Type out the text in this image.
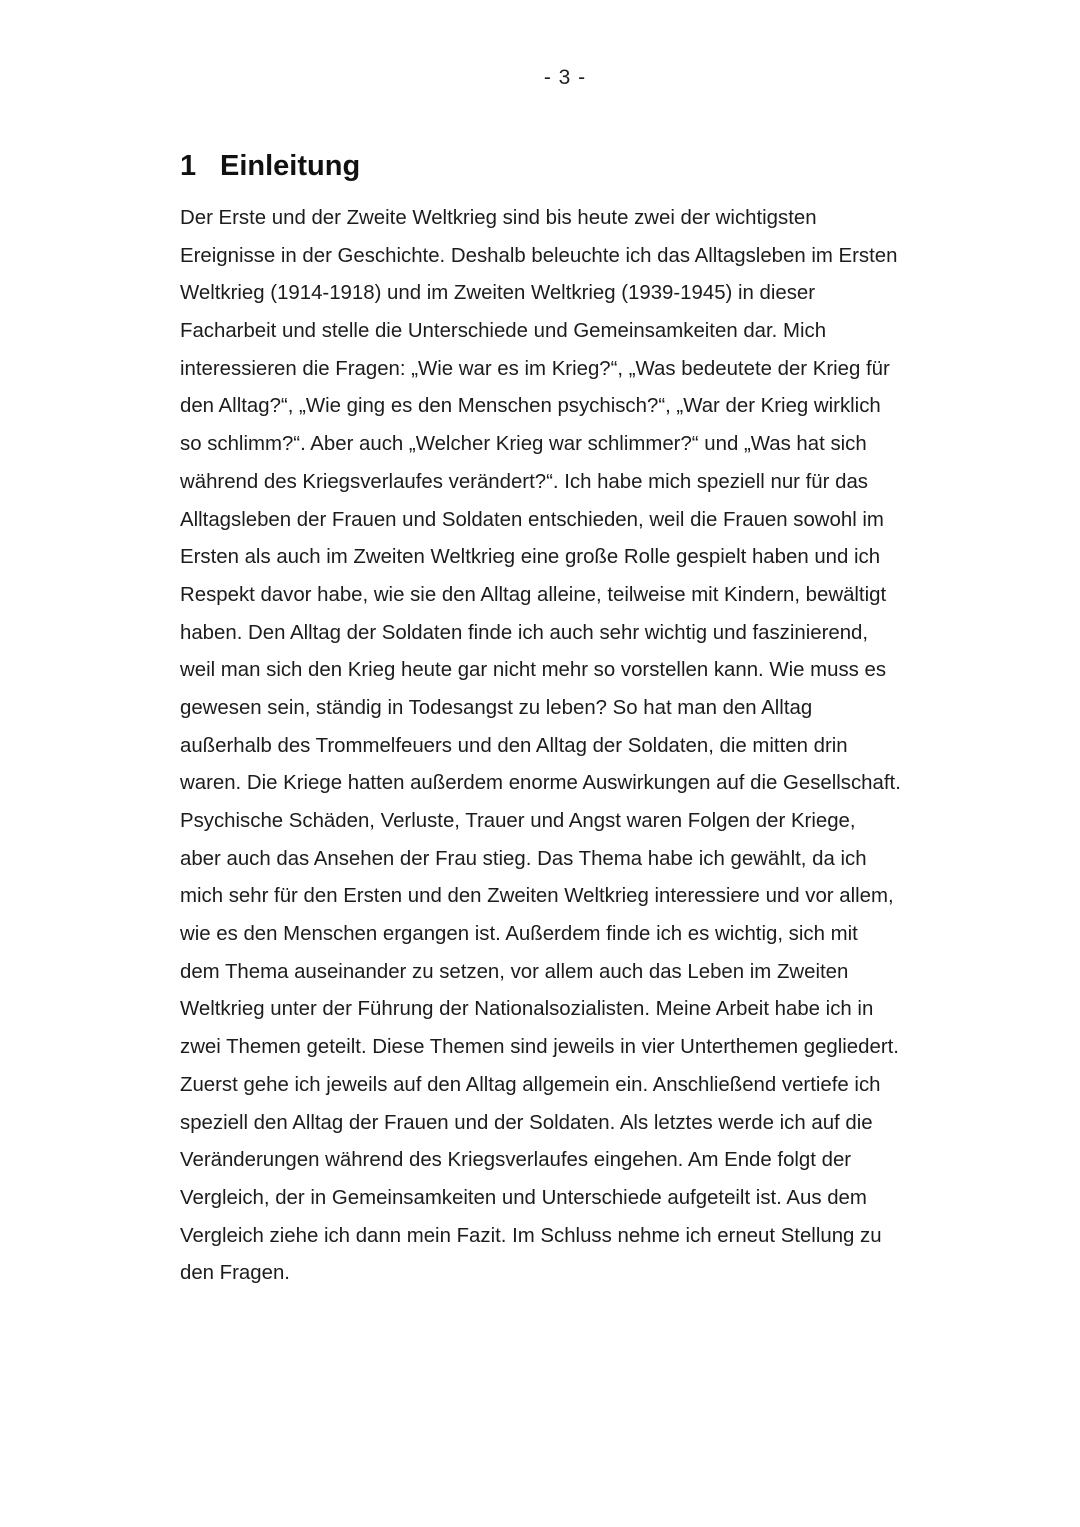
- 3 -
1 Einleitung
Der Erste und der Zweite Weltkrieg sind bis heute zwei der wichtigsten
Ereignisse in der Geschichte. Deshalb beleuchte ich das Alltagsleben im Ersten
Weltkrieg (1914-1918) und im Zweiten Weltkrieg (1939-1945) in dieser
Facharbeit und stelle die Unterschiede und Gemeinsamkeiten dar. Mich
interessieren die Fragen: „Wie war es im Krieg?“, „Was bedeutete der Krieg für
den Alltag?“, „Wie ging es den Menschen psychisch?“, „War der Krieg wirklich
so schlimm?“. Aber auch „Welcher Krieg war schlimmer?“ und „Was hat sich
während des Kriegsverlaufes verändert?“. Ich habe mich speziell nur für das
Alltagsleben der Frauen und Soldaten entschieden, weil die Frauen sowohl im
Ersten als auch im Zweiten Weltkrieg eine große Rolle gespielt haben und ich
Respekt davor habe, wie sie den Alltag alleine, teilweise mit Kindern, bewältigt
haben. Den Alltag der Soldaten finde ich auch sehr wichtig und faszinierend,
weil man sich den Krieg heute gar nicht mehr so vorstellen kann. Wie muss es
gewesen sein, ständig in Todesangst zu leben? So hat man den Alltag
außerhalb des Trommelfeuers und den Alltag der Soldaten, die mitten drin
waren. Die Kriege hatten außerdem enorme Auswirkungen auf die Gesellschaft.
Psychische Schäden, Verluste, Trauer und Angst waren Folgen der Kriege,
aber auch das Ansehen der Frau stieg. Das Thema habe ich gewählt, da ich
mich sehr für den Ersten und den Zweiten Weltkrieg interessiere und vor allem,
wie es den Menschen ergangen ist. Außerdem finde ich es wichtig, sich mit
dem Thema auseinander zu setzen, vor allem auch das Leben im Zweiten
Weltkrieg unter der Führung der Nationalsozialisten. Meine Arbeit habe ich in
zwei Themen geteilt. Diese Themen sind jeweils in vier Unterthemen gegliedert.
Zuerst gehe ich jeweils auf den Alltag allgemein ein. Anschließend vertiefe ich
speziell den Alltag der Frauen und der Soldaten. Als letztes werde ich auf die
Veränderungen während des Kriegsverlaufes eingehen. Am Ende folgt der
Vergleich, der in Gemeinsamkeiten und Unterschiede aufgeteilt ist. Aus dem
Vergleich ziehe ich dann mein Fazit. Im Schluss nehme ich erneut Stellung zu
den Fragen.
